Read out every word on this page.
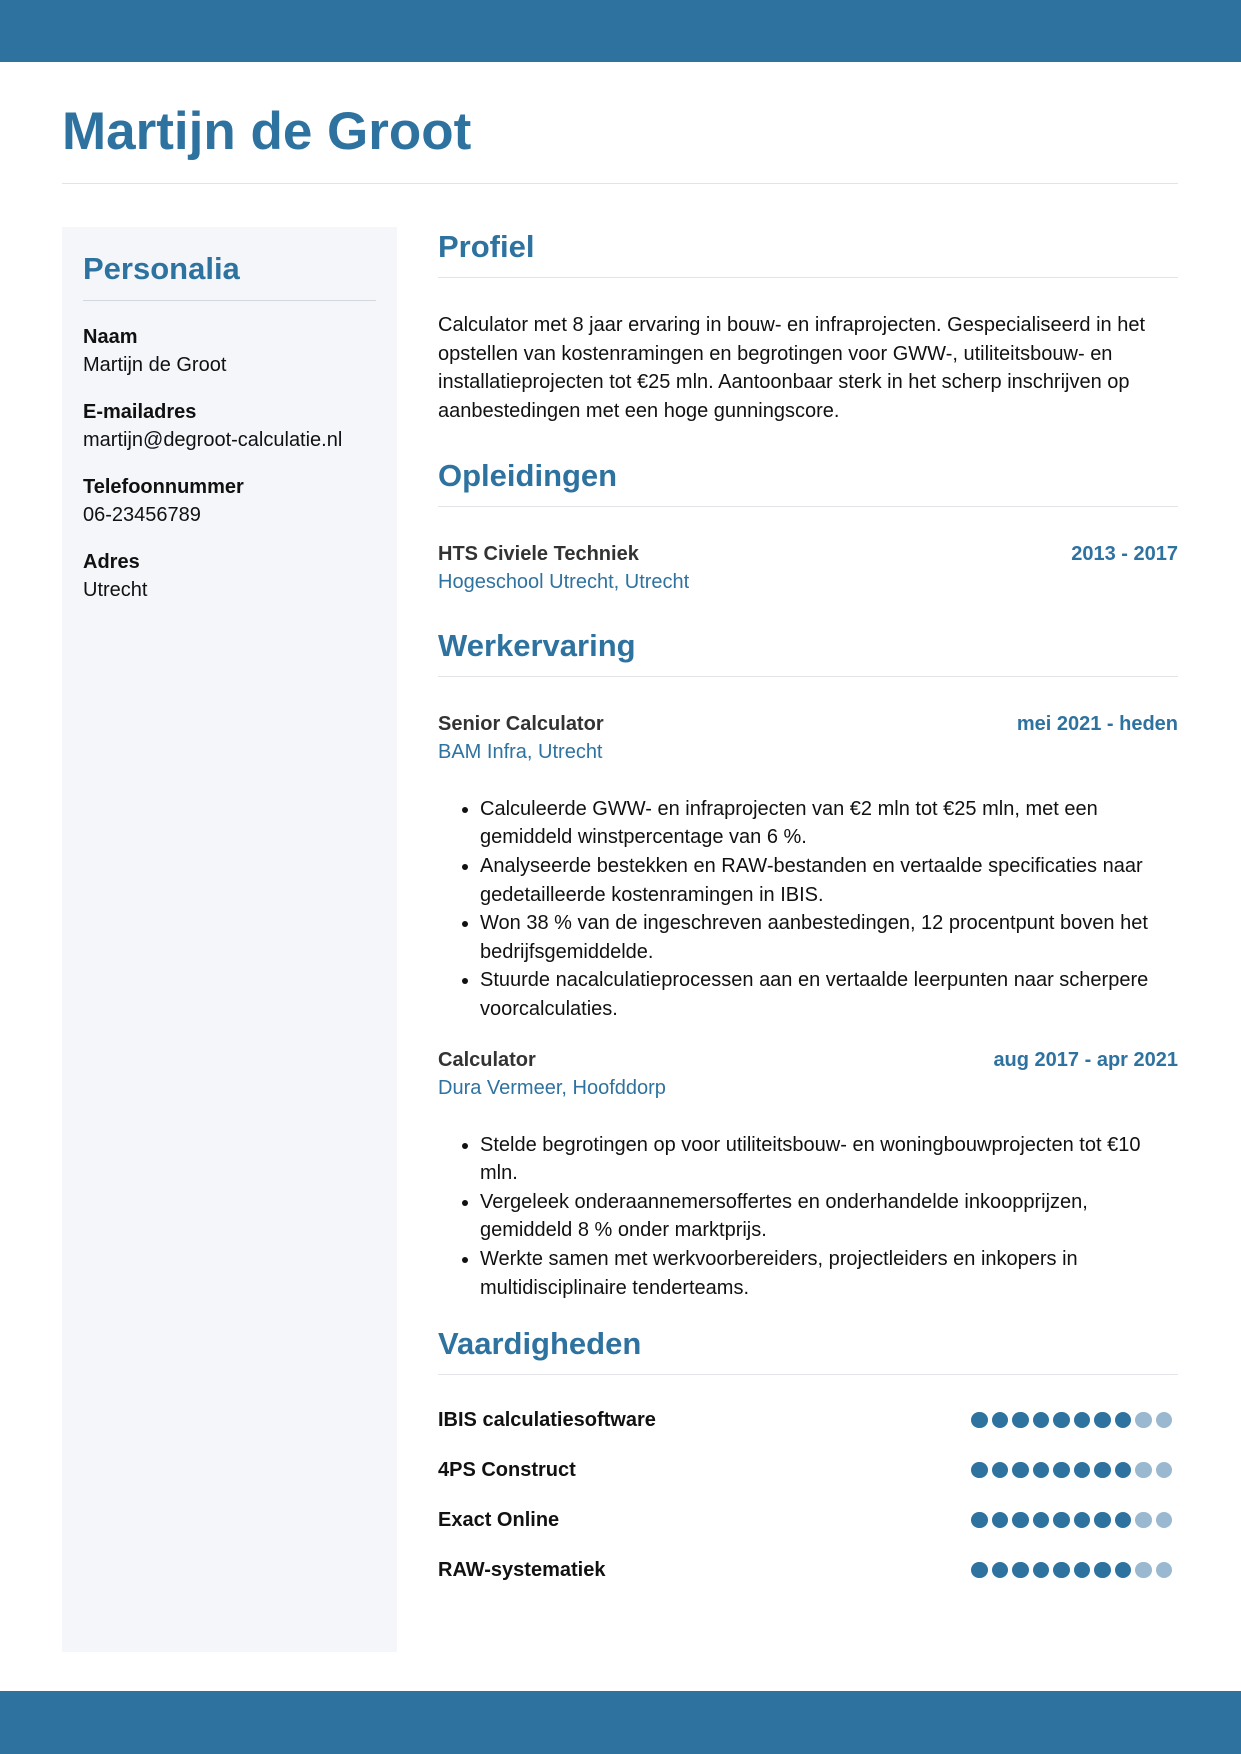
Martijn de Groot
Personalia
Naam
Martijn de Groot
E-mailadres
martijn@degroot-calculatie.nl
Telefoonnummer
06-23456789
Adres
Utrecht
Profiel

Calculator met 8 jaar ervaring in bouw- en infraprojecten. Gespecialiseerd in het opstellen van kostenramingen en begrotingen voor GWW-, utiliteitsbouw- en installatieprojecten tot €25 mln. Aantoonbaar sterk in het scherp inschrijven op aanbestedingen met een hoge gunningscore.

Opleidingen
HTS Civiele Techniek	2013 - 2017
Hogeschool Utrecht, Utrecht
Werkervaring
Senior Calculator	mei 2021 - heden
BAM Infra, Utrecht
• Calculeerde GWW- en infraprojecten van €2 mln tot €25 mln, met een gemiddeld winstpercentage van 6 %.
• Analyseerde bestekken en RAW-bestanden en vertaalde specificaties naar gedetailleerde kostenramingen in IBIS.
• Won 38 % van de ingeschreven aanbestedingen, 12 procentpunt boven het bedrijfsgemiddelde.
• Stuurde nacalculatieprocessen aan en vertaalde leerpunten naar scherpere voorcalculaties.
Calculator	aug 2017 - apr 2021
Dura Vermeer, Hoofddorp
• Stelde begrotingen op voor utiliteitsbouw- en woningbouwprojecten tot €10 mln.
• Vergeleek onderaannemersoffertes en onderhandelde inkoopprijzen, gemiddeld 8 % onder marktprijs.
• Werkte samen met werkvoorbereiders, projectleiders en inkopers in multidisciplinaire tenderteams.
Vaardigheden
IBIS calculatiesoftware
4PS Construct
Exact Online
RAW-systematiek
